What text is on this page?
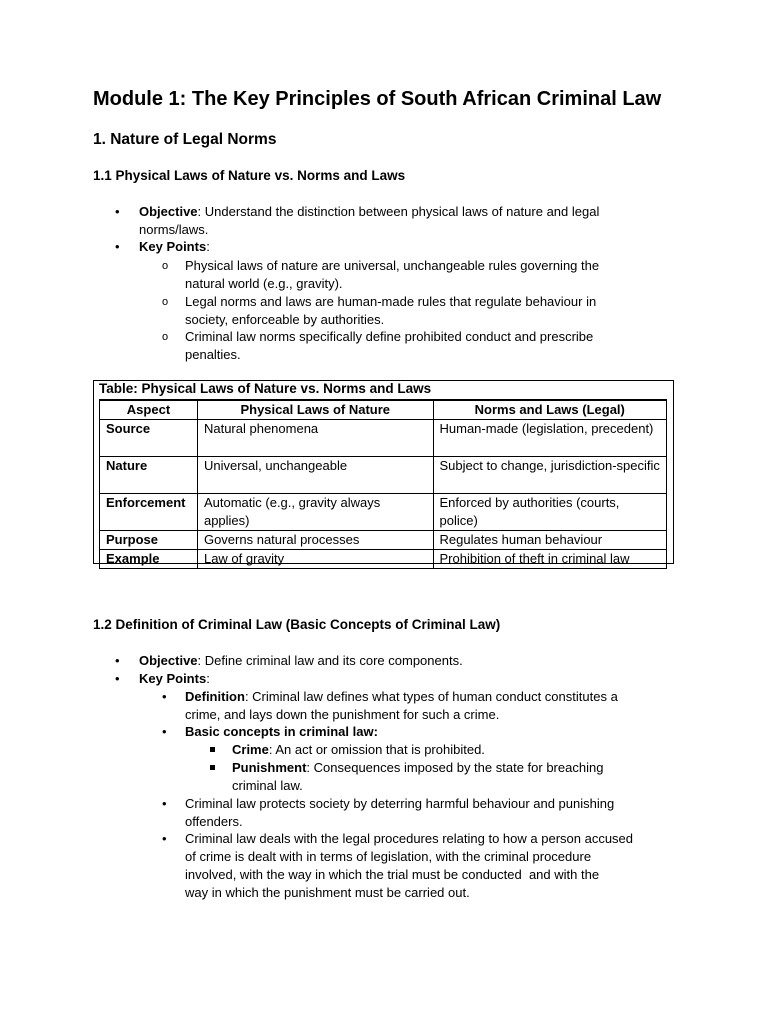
Module 1: The Key Principles of South African Criminal Law
1. Nature of Legal Norms
1.1 Physical Laws of Nature vs. Norms and Laws
• Objective: Understand the distinction between physical laws of nature and legal
norms/laws.
• Key Points:
o Physical laws of nature are universal, unchangeable rules governing the
natural world (e.g., gravity).
o Legal norms and laws are human-made rules that regulate behaviour in
society, enforceable by authorities.
o Criminal law norms specifically define prohibited conduct and prescribe
penalties.
Table: Physical Laws of Nature vs. Norms and Laws
Aspect	Physical Laws of Nature	Norms and Laws (Legal)
Source	Natural phenomena	Human-made (legislation, precedent)
Nature	Universal, unchangeable	Subject to change, jurisdiction-specific
Enforcement	Automatic (e.g., gravity always applies)	Enforced by authorities (courts, police)
Purpose	Governs natural processes	Regulates human behaviour
Example	Law of gravity	Prohibition of theft in criminal law
1.2 Definition of Criminal Law (Basic Concepts of Criminal Law)
• Objective: Define criminal law and its core components.
• Key Points:
• Definition: Criminal law defines what types of human conduct constitutes a
crime, and lays down the punishment for such a crime.
• Basic concepts in criminal law:
Crime: An act or omission that is prohibited.
Punishment: Consequences imposed by the state for breaching
criminal law.
• Criminal law protects society by deterring harmful behaviour and punishing
offenders.
• Criminal law deals with the legal procedures relating to how a person accused
of crime is dealt with in terms of legislation, with the criminal procedure
involved, with the way in which the trial must be conducted  and with the
way in which the punishment must be carried out.
